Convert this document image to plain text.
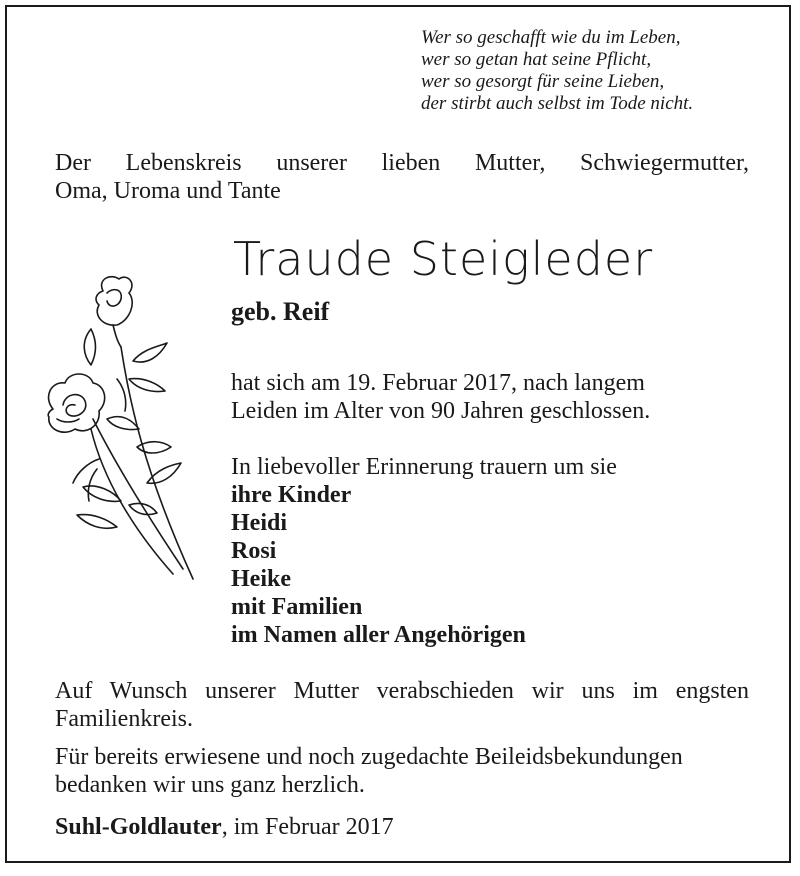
Wer so geschafft wie du im Leben,
wer so getan hat seine Pflicht,
wer so gesorgt für seine Lieben,
der stirbt auch selbst im Tode nicht.
Der Lebenskreis unserer lieben Mutter, Schwiegermutter,
Oma, Uroma und Tante
Traude Steigleder
geb. Reif
hat sich am 19. Februar 2017, nach langem
Leiden im Alter von 90 Jahren geschlossen.
In liebevoller Erinnerung trauern um sie
ihre Kinder
Heidi
Rosi
Heike
mit Familien
im Namen aller Angehörigen
Auf Wunsch unserer Mutter verabschieden wir uns im engsten
Familienkreis.
Für bereits erwiesene und noch zugedachte Beileidsbekundungen
bedanken wir uns ganz herzlich.
Suhl-Goldlauter, im Februar 2017
